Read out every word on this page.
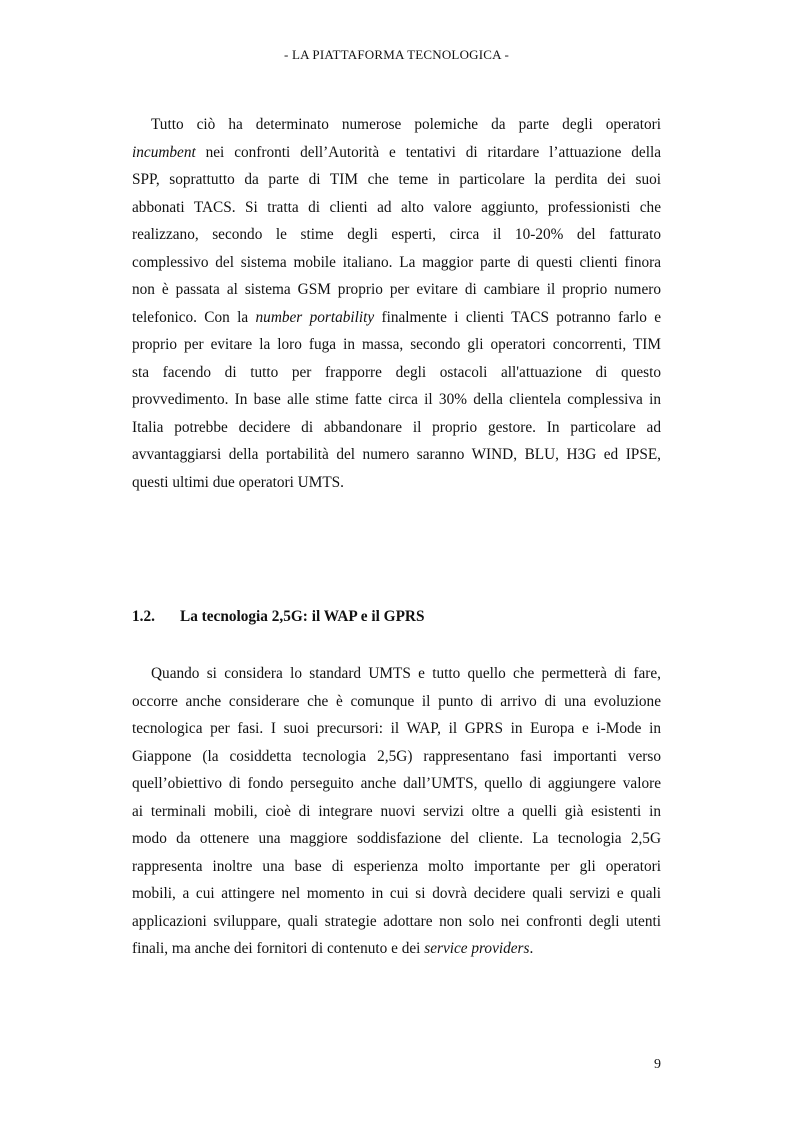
- LA PIATTAFORMA TECNOLOGICA -
Tutto ciò ha determinato numerose polemiche da parte degli operatori
incumbent nei confronti dell’Autorità e tentativi di ritardare l’attuazione della
SPP, soprattutto da parte di TIM che teme in particolare la perdita dei suoi
abbonati TACS. Si tratta di clienti ad alto valore aggiunto, professionisti che
realizzano, secondo le stime degli esperti, circa il 10-20% del fatturato
complessivo del sistema mobile italiano. La maggior parte di questi clienti finora
non è passata al sistema GSM proprio per evitare di cambiare il proprio numero
telefonico. Con la number portability finalmente i clienti TACS potranno farlo e
proprio per evitare la loro fuga in massa, secondo gli operatori concorrenti, TIM
sta facendo di tutto per frapporre degli ostacoli all'attuazione di questo
provvedimento. In base alle stime fatte circa il 30% della clientela complessiva in
Italia potrebbe decidere di abbandonare il proprio gestore. In particolare ad
avvantaggiarsi della portabilità del numero saranno WIND, BLU, H3G ed IPSE,
questi ultimi due operatori UMTS.
1.2. La tecnologia 2,5G: il WAP e il GPRS
Quando si considera lo standard UMTS e tutto quello che permetterà di fare,
occorre anche considerare che è comunque il punto di arrivo di una evoluzione
tecnologica per fasi. I suoi precursori: il WAP, il GPRS in Europa e i-Mode in
Giappone (la cosiddetta tecnologia 2,5G) rappresentano fasi importanti verso
quell’obiettivo di fondo perseguito anche dall’UMTS, quello di aggiungere valore
ai terminali mobili, cioè di integrare nuovi servizi oltre a quelli già esistenti in
modo da ottenere una maggiore soddisfazione del cliente. La tecnologia 2,5G
rappresenta inoltre una base di esperienza molto importante per gli operatori
mobili, a cui attingere nel momento in cui si dovrà decidere quali servizi e quali
applicazioni sviluppare, quali strategie adottare non solo nei confronti degli utenti
finali, ma anche dei fornitori di contenuto e dei service providers.
9
